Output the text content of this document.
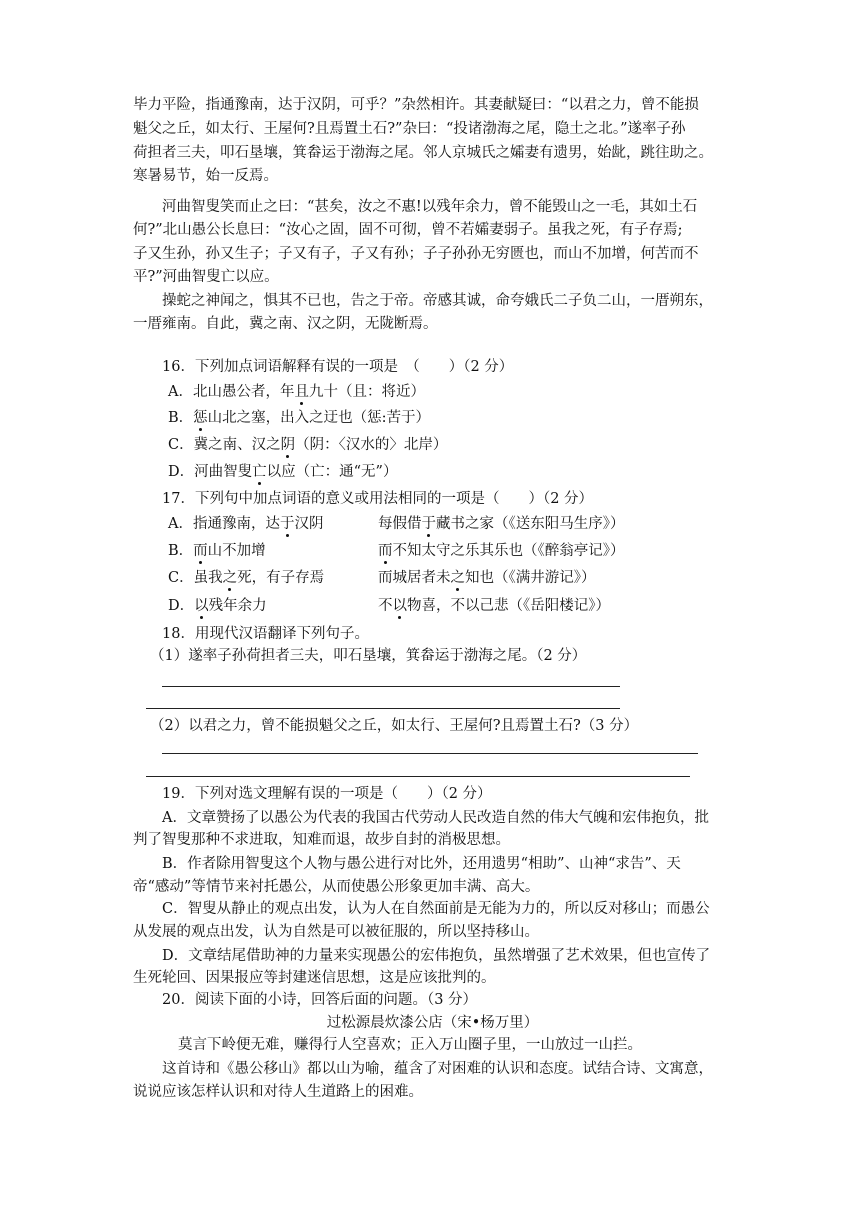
毕力平险，指通豫南，达于汉阴，可乎？”杂然相许。其妻献疑曰：“以君之力，曾不能损
魁父之丘，如太行、王屋何?且焉置土石?”杂曰：“投诸渤海之尾，隐土之北。”遂率子孙
荷担者三夫，叩石垦壤，箕畚运于渤海之尾。邻人京城氏之孀妻有遗男，始龀，跳往助之。
寒暑易节，始一反焉。
河曲智叟笑而止之曰：“甚矣，汝之不惠!以残年余力，曾不能毁山之一毛，其如土石
何?”北山愚公长息曰：“汝心之固，固不可彻，曾不若孀妻弱子。虽我之死，有子存焉;
子又生孙，孙又生子；子又有子，子又有孙；子子孙孙无穷匮也，而山不加增，何苦而不
平?”河曲智叟亡以应。
操蛇之神闻之，惧其不已也，告之于帝。帝感其诚，命夸娥氏二子负二山，一厝朔东，
一厝雍南。自此，冀之南、汉之阴，无陇断焉。
16．下列加点词语解释有误的一项是　（　　）（2 分）
A．北山愚公者，年且九十（且：将近）
B．惩山北之塞，出入之迂也（惩:苦于）
C．冀之南、汉之阴（阴：〈汉水的〉北岸）
D．河曲智叟亡以应（亡：通“无”）
17．下列句中加点词语的意义或用法相同的一项是（　　）（2 分）
A．指通豫南，达于汉阴	每假借于藏书之家（《送东阳马生序》）
B．而山不加增	而不知太守之乐其乐也（《醉翁亭记》）
C．虽我之死，有子存焉	而城居者未之知也（《满井游记》）
D．以残年余力	不以物喜，不以己悲（《岳阳楼记》）
18．用现代汉语翻译下列句子。
（1）遂率子孙荷担者三夫，叩石垦壤，箕畚运于渤海之尾。（2 分）
（2）以君之力，曾不能损魁父之丘，如太行、王屋何?且焉置土石?（3 分）
19．下列对选文理解有误的一项是（　　）（2 分）
A．文章赞扬了以愚公为代表的我国古代劳动人民改造自然的伟大气魄和宏伟抱负，批
判了智叟那种不求进取，知难而退，故步自封的消极思想。
B．作者除用智叟这个人物与愚公进行对比外，还用遗男“相助”、山神“求告”、天
帝“感动”等情节来衬托愚公，从而使愚公形象更加丰满、高大。
C．智叟从静止的观点出发，认为人在自然面前是无能为力的，所以反对移山；而愚公
从发展的观点出发，认为自然是可以被征服的，所以坚持移山。
D．文章结尾借助神的力量来实现愚公的宏伟抱负，虽然增强了艺术效果，但也宣传了
生死轮回、因果报应等封建迷信思想，这是应该批判的。
20．阅读下面的小诗，回答后面的问题。（3 分）
过松源晨炊漆公店（宋•杨万里）
莫言下岭便无难，赚得行人空喜欢；正入万山圈子里，一山放过一山拦。
这首诗和《愚公移山》都以山为喻，蕴含了对困难的认识和态度。试结合诗、文寓意，
说说应该怎样认识和对待人生道路上的困难。
